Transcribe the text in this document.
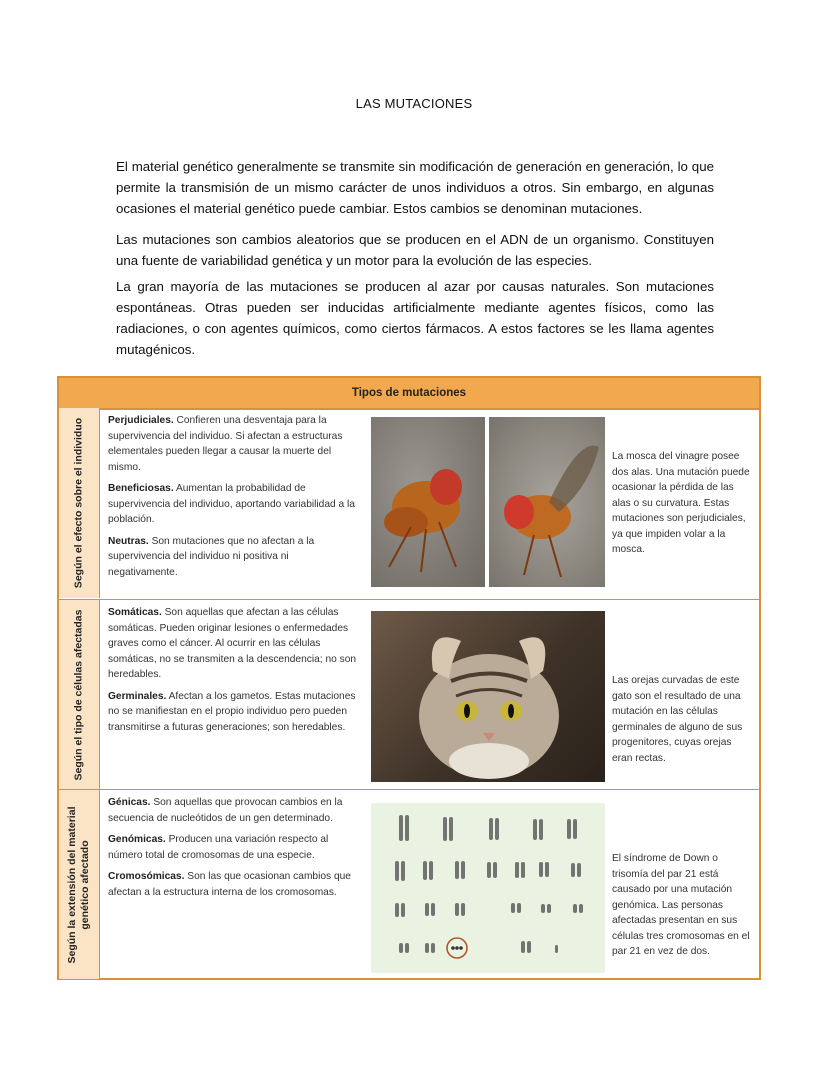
LAS MUTACIONES
El material genético generalmente se transmite sin modificación de generación en generación, lo que permite la transmisión de un mismo carácter de unos individuos a otros. Sin embargo, en algunas ocasiones el material genético puede cambiar. Estos cambios se denominan mutaciones.
Las mutaciones son cambios aleatorios que se producen en el ADN de un organismo. Constituyen una fuente de variabilidad genética y un motor para la evolución de las especies.
La gran mayoría de las mutaciones se producen al azar por causas naturales. Son mutaciones espontáneas. Otras pueden ser inducidas artificialmente mediante agentes físicos, como las radiaciones, o con agentes químicos, como ciertos fármacos. A estos factores se les llama agentes mutagénicos.
Tipos de mutaciones
Según el efecto sobre el individuo Perjudiciales. Confieren una desventaja para la supervivencia del individuo. Si afectan a estructuras elementales pueden llegar a causar la muerte del mismo.
Beneficiosas. Aumentan la probabilidad de supervivencia del individuo, aportando variabilidad a la población.
Neutras. Son mutaciones que no afectan a la supervivencia del individuo ni positiva ni negativamente.
La mosca del vinagre posee dos alas. Una mutación puede ocasionar la pérdida de las alas o su curvatura. Estas mutaciones son perjudiciales, ya que impiden volar a la mosca.
Según el tipo de células afectadas Somáticas. Son aquellas que afectan a las células somáticas. Pueden originar lesiones o enfermedades graves como el cáncer. Al ocurrir en las células somáticas, no se transmiten a la descendencia; no son heredables.
Germinales. Afectan a los gametos. Estas mutaciones no se manifiestan en el propio individuo pero pueden transmitirse a futuras generaciones; son heredables.
Las orejas curvadas de este gato son el resultado de una mutación en las células germinales de alguno de sus progenitores, cuyas orejas eran rectas.
Según la extensión del material genético afectado
Génicas. Son aquellas que provocan cambios en la secuencia de nucleótidos de un gen determinado.
Genómicas. Producen una variación respecto al número total de cromosomas de una especie.
Cromosómicas. Son las que ocasionan cambios que afectan a la estructura interna de los cromosomas.
El síndrome de Down o trisomía del par 21 está causado por una mutación genómica. Las personas afectadas presentan en sus células tres cromosomas en el par 21 en vez de dos.
